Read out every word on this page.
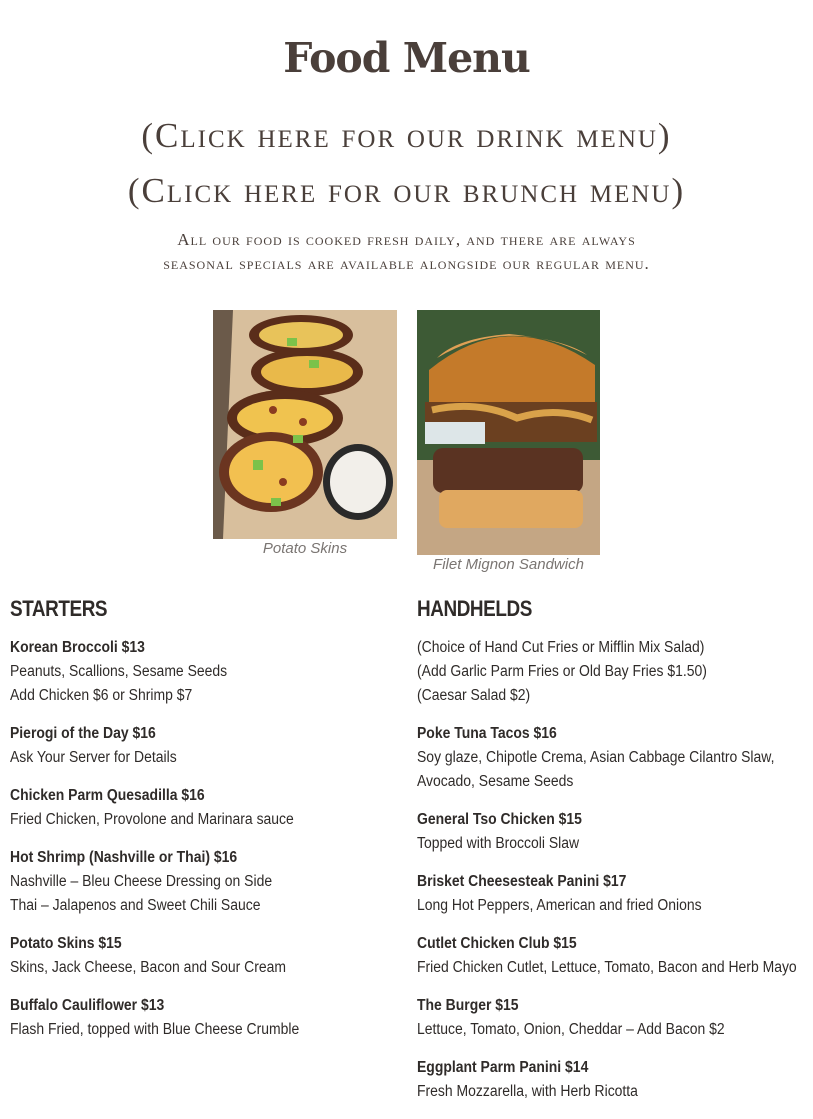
Food Menu
(Click here for our drink menu)
(Click here for our brunch menu)
All our food is cooked fresh daily, and there are always
seasonal specials are available alongside our regular menu.
Potato Skins
Filet Mignon Sandwich
STARTERS
Korean Broccoli $13
Peanuts, Scallions, Sesame Seeds
Add Chicken $6 or Shrimp $7
Pierogi of the Day $16
Ask Your Server for Details
Chicken Parm Quesadilla $16
Fried Chicken, Provolone and Marinara sauce
Hot Shrimp (Nashville or Thai) $16
Nashville – Bleu Cheese Dressing on Side
Thai – Jalapenos and Sweet Chili Sauce
Potato Skins $15
Skins, Jack Cheese, Bacon and Sour Cream
Buffalo Cauliflower $13
Flash Fried, topped with Blue Cheese Crumble
HANDHELDS
(Choice of Hand Cut Fries or Mifflin Mix Salad)
(Add Garlic Parm Fries or Old Bay Fries $1.50)
(Caesar Salad $2)
Poke Tuna Tacos $16
Soy glaze, Chipotle Crema, Asian Cabbage Cilantro Slaw,
Avocado, Sesame Seeds
General Tso Chicken $15
Topped with Broccoli Slaw
Brisket Cheesesteak Panini $17
Long Hot Peppers, American and fried Onions
Cutlet Chicken Club $15
Fried Chicken Cutlet, Lettuce, Tomato, Bacon and Herb Mayo
The Burger $15
Lettuce, Tomato, Onion, Cheddar – Add Bacon $2
Eggplant Parm Panini $14
Fresh Mozzarella, with Herb Ricotta
